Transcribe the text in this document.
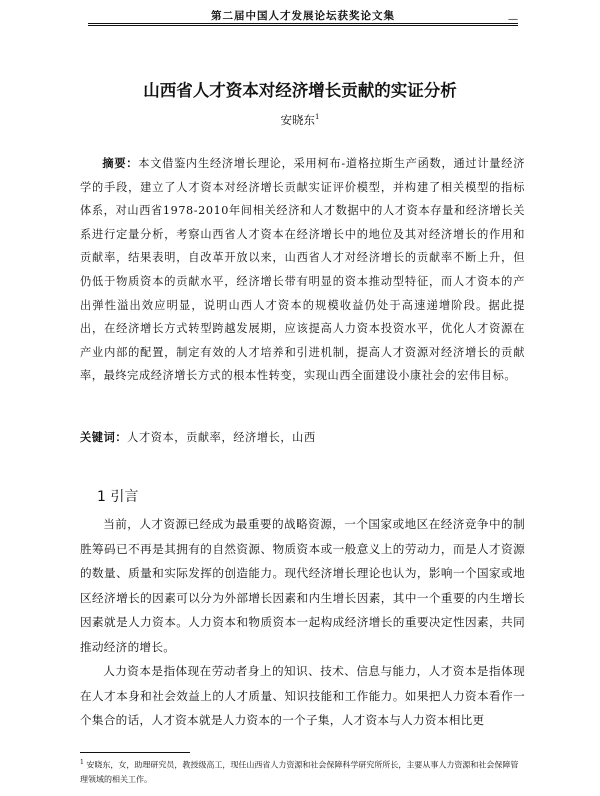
第二届中国人才发展论坛获奖论文集	—
山西省人才资本对经济增长贡献的实证分析
安晓东$^1$

摘要：本文借鉴内生经济增长理论，采用柯布-道格拉斯生产函数，通过计量经济学的手段，建立了人才资本对经济增长贡献实证评价模型，并构建了相关模型的指标体系，对山西省1978-2010年间相关经济和人才数据中的人才资本存量和经济增长关系进行定量分析，考察山西省人才资本在经济增长中的地位及其对经济增长的作用和贡献率，结果表明，自改革开放以来，山西省人才对经济增长的贡献率不断上升，但仍低于物质资本的贡献水平，经济增长带有明显的资本推动型特征，而人才资本的产出弹性溢出效应明显，说明山西人才资本的规模收益仍处于高速递增阶段。据此提出，在经济增长方式转型跨越发展期，应该提高人力资本投资水平，优化人才资源在产业内部的配置，制定有效的人才培养和引进机制，提高人才资源对经济增长的贡献率，最终完成经济增长方式的根本性转变，实现山西全面建设小康社会的宏伟目标。

关键词：人才资本，贡献率，经济增长，山西
1 引言

当前，人才资源已经成为最重要的战略资源，一个国家或地区在经济竞争中的制胜筹码已不再是其拥有的自然资源、物质资本或一般意义上的劳动力，而是人才资源的数量、质量和实际发挥的创造能力。现代经济增长理论也认为，影响一个国家或地区经济增长的因素可以分为外部增长因素和内生增长因素，其中一个重要的内生增长因素就是人力资本。人力资本和物质资本一起构成经济增长的重要决定性因素，共同推动经济的增长。

人力资本是指体现在劳动者身上的知识、技术、信息与能力，人才资本是指体现在人才本身和社会效益上的人才质量、知识技能和工作能力。如果把人力资本看作一个集合的话，人才资本就是人力资本的一个子集，人才资本与人力资本相比更

$^1$ 安晓东，女，助理研究员，教授级高工，现任山西省人力资源和社会保障科学研究所所长，主要从事人力资源和社会保障管理领域的相关工作。
